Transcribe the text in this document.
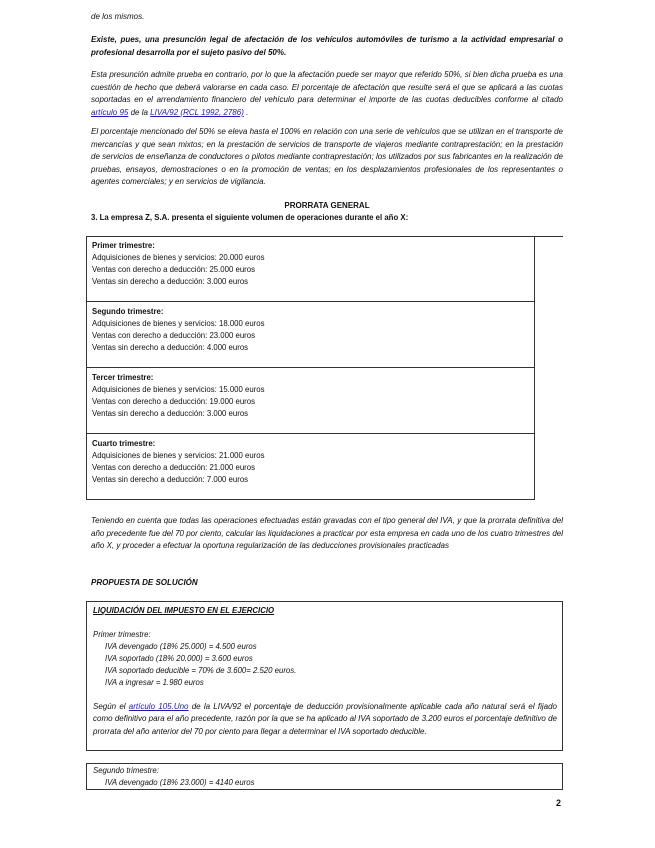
de los mismos.

Existe, pues, una presunción legal de afectación de los vehículos automóviles de turismo a la actividad empresarial o profesional desarrolla por el sujeto pasivo del 50%.

Esta presunción admite prueba en contrario, por lo que la afectación puede ser mayor que referido 50%, si bien dicha prueba es una cuestión de hecho que deberá valorarse en cada caso. El porcentaje de afectación que resulte será el que se aplicará a las cuotas soportadas en el arrendamiento financiero del vehículo para determinar el importe de las cuotas deducibles conforme al citado artículo 95 de la LIVA/92 (RCL 1992, 2786) .

El porcentaje mencionado del 50% se eleva hasta el 100% en relación con una serie de vehículos que se utilizan en el transporte de mercancías y que sean mixtos; en la prestación de servicios de transporte de viajeros mediante contraprestación; en la prestación de servicios de enseñanza de conductores o pilotos mediante contraprestación; los utilizados por sus fabricantes en la realización de pruebas, ensayos, demostraciones o en la promoción de ventas; en los desplazamientos profesionales de los representantes o agentes comerciales; y en servicios de vigilancia.

PRORRATA GENERAL

3. La empresa Z, S.A. presenta el siguiente volumen de operaciones durante el año X:

Primer trimestre:
Adquisiciones de bienes y servicios: 20.000 euros
Ventas con derecho a deducción: 25.000 euros
Ventas sin derecho a deducción: 3.000 euros
Segundo trimestre:
Adquisiciones de bienes y servicios: 18.000 euros
Ventas con derecho a deducción: 23.000 euros
Ventas sin derecho a deducción: 4.000 euros
Tercer trimestre:
Adquisiciones de bienes y servicios: 15.000 euros
Ventas con derecho a deducción: 19.000 euros
Ventas sin derecho a deducción: 3.000 euros
Cuarto trimestre:
Adquisiciones de bienes y servicios: 21.000 euros
Ventas con derecho a deducción: 21.000 euros
Ventas sin derecho a deducción: 7.000 euros

Teniendo en cuenta que todas las operaciones efectuadas están gravadas con el tipo general del IVA, y que la prorrata definitiva del año precedente fue del 70 por ciento, calcular las liquidaciones a practicar por esta empresa en cada uno de los cuatro trimestres del año X, y proceder a efectuar la oportuna regularización de las deducciones provisionales practicadas

PROPUESTA DE SOLUCIÓN

LIQUIDACIÓN DEL IMPUESTO EN EL EJERCICIO
Primer trimestre:
IVA devengado (18% 25.000) = 4.500 euros
IVA soportado (18% 20.000) = 3.600 euros
IVA soportado deducible = 70% de 3.600= 2.520 euros.
IVA a ingresar = 1.980 euros

Según el artículo 105.Uno de la LIVA/92 el porcentaje de deducción provisionalmente aplicable cada año natural será el fijado como definitivo para el año precedente, razón por la que se ha aplicado al IVA soportado de 3.200 euros el porcentaje definitivo de prorrata del año anterior del 70 por ciento para llegar a determinar el IVA soportado deducible.

Segundo trimestre:
IVA devengado (18% 23.000) = 4140 euros
2
